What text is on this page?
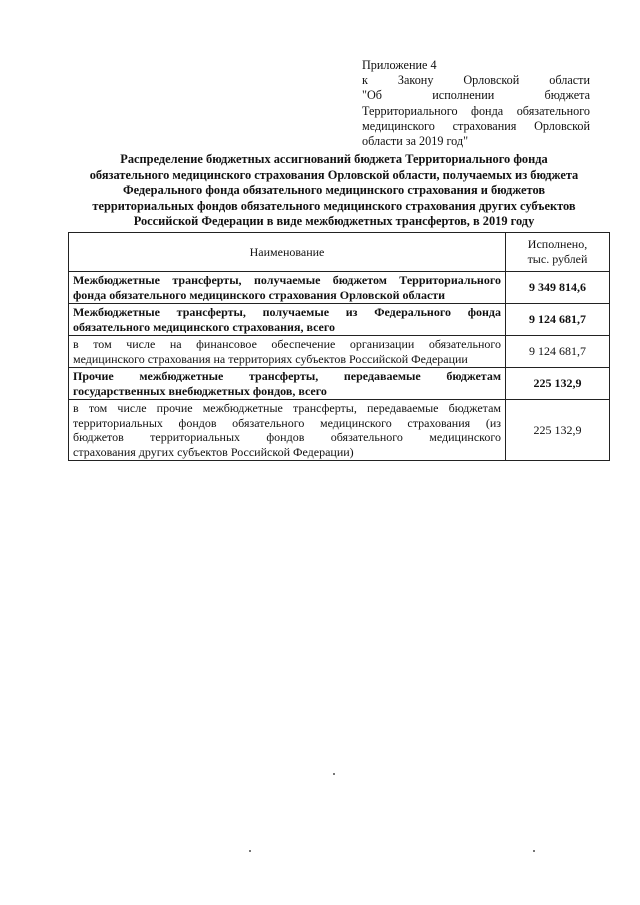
Приложение 4
к Закону Орловской области
"Об исполнении бюджета
Территориального фонда обязательного
медицинского страхования Орловской
области за 2019 год"
Распределение бюджетных ассигнований бюджета Территориального фонда
обязательного медицинского страхования Орловской области, получаемых из бюджета
Федерального фонда обязательного медицинского страхования и бюджетов
территориальных фондов обязательного медицинского страхования других субъектов
Российской Федерации в виде межбюджетных трансфертов, в 2019 году
Наименование	Исполнено,
тыс. рублей

Межбюджетные трансферты, получаемые бюджетом Территориального
фонда обязательного медицинского страхования Орловской области	9 349 814,6

Межбюджетные трансферты, получаемые из Федерального фонда
обязательного медицинского страхования, всего	9 124 681,7

в том числе на финансовое обеспечение организации обязательного
медицинского страхования на территориях субъектов Российской Федерации	9 124 681,7

Прочие межбюджетные трансферты, передаваемые бюджетам
государственных внебюджетных фондов, всего	225 132,9

в том числе прочие межбюджетные трансферты, передаваемые бюджетам
территориальных фондов обязательного медицинского страхования (из
бюджетов территориальных фондов обязательного медицинского
страхования других субъектов Российской Федерации)	225 132,9
